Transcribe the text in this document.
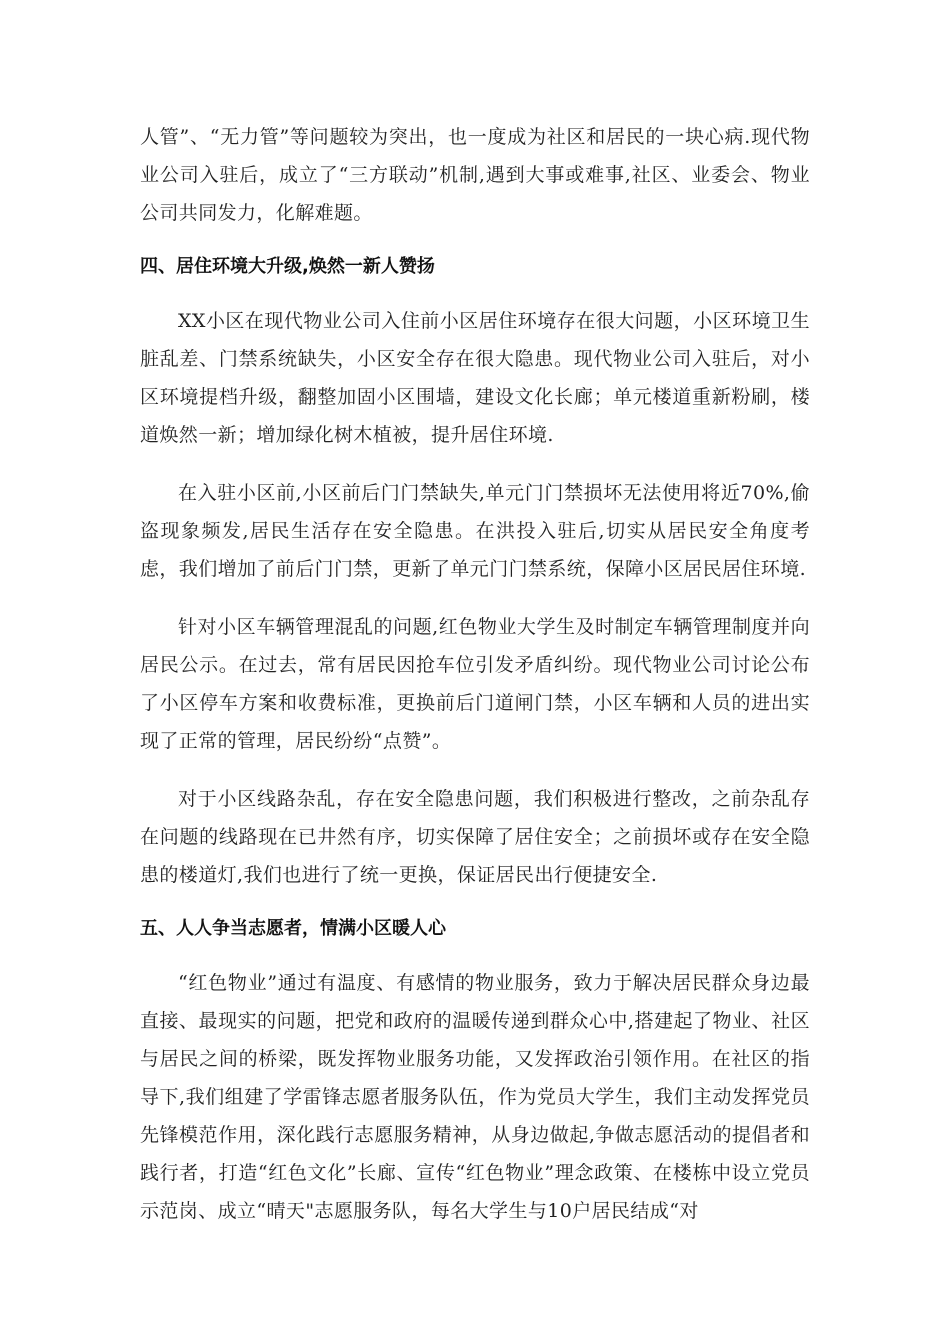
人管”、“无力管”等问题较为突出，也一度成为社区和居民的一块心病.现代物业公司入驻后，成立了“三方联动”机制,遇到大事或难事,社区、业委会、物业公司共同发力，化解难题。

四、居住环境大升级,焕然一新人赞扬

XX小区在现代物业公司入住前小区居住环境存在很大问题，小区环境卫生脏乱差、门禁系统缺失，小区安全存在很大隐患。现代物业公司入驻后，对小区环境提档升级，翻整加固小区围墙，建设文化长廊；单元楼道重新粉刷，楼道焕然一新；增加绿化树木植被，提升居住环境.

在入驻小区前,小区前后门门禁缺失,单元门门禁损坏无法使用将近70%,偷盗现象频发,居民生活存在安全隐患。在洪投入驻后,切实从居民安全角度考虑，我们增加了前后门门禁，更新了单元门门禁系统，保障小区居民居住环境.

针对小区车辆管理混乱的问题,红色物业大学生及时制定车辆管理制度并向居民公示。在过去，常有居民因抢车位引发矛盾纠纷。现代物业公司讨论公布了小区停车方案和收费标准，更换前后门道闸门禁，小区车辆和人员的进出实现了正常的管理，居民纷纷“点赞”。

对于小区线路杂乱，存在安全隐患问题，我们积极进行整改，之前杂乱存在问题的线路现在已井然有序，切实保障了居住安全；之前损坏或存在安全隐患的楼道灯,我们也进行了统一更换，保证居民出行便捷安全.

五、人人争当志愿者，情满小区暖人心

“红色物业”通过有温度、有感情的物业服务，致力于解决居民群众身边最直接、最现实的问题，把党和政府的温暖传递到群众心中,搭建起了物业、社区与居民之间的桥梁，既发挥物业服务功能，又发挥政治引领作用。在社区的指导下,我们组建了学雷锋志愿者服务队伍，作为党员大学生，我们主动发挥党员先锋模范作用，深化践行志愿服务精神，从身边做起,争做志愿活动的提倡者和践行者，打造“红色文化”长廊、宣传“红色物业”理念政策、在楼栋中设立党员示范岗、成立“晴天"志愿服务队，每名大学生与10户居民结成“对
